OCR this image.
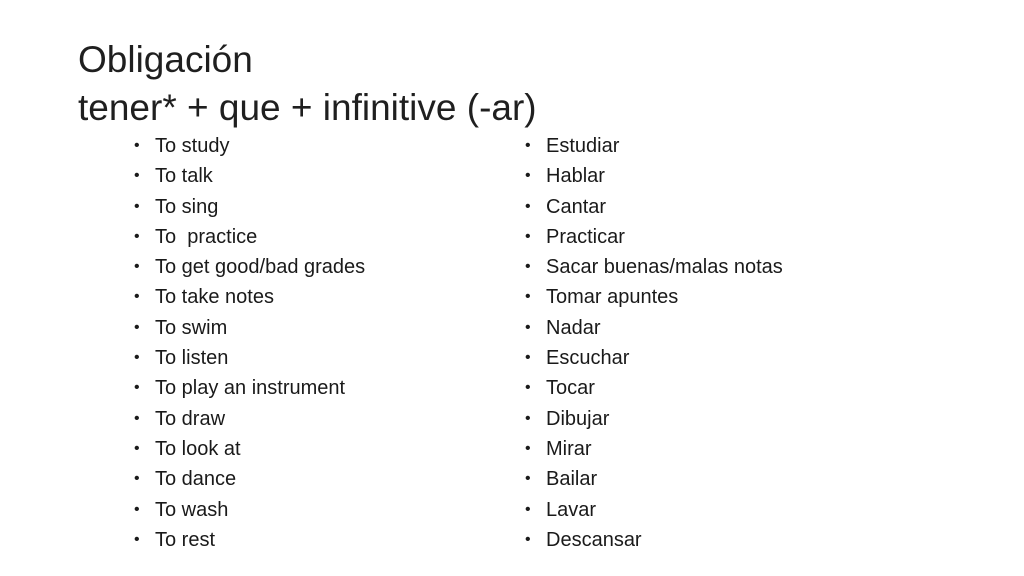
Obligación
tener* + que + infinitive (-ar)
• To study
• To talk
• To sing
• To  practice
• To get good/bad grades
• To take notes
• To swim
• To listen
• To play an instrument
• To draw
• To look at
• To dance
• To wash
• To rest
• Estudiar
• Hablar
• Cantar
• Practicar
• Sacar buenas/malas notas
• Tomar apuntes
• Nadar
• Escuchar
• Tocar
• Dibujar
• Mirar
• Bailar
• Lavar
• Descansar
